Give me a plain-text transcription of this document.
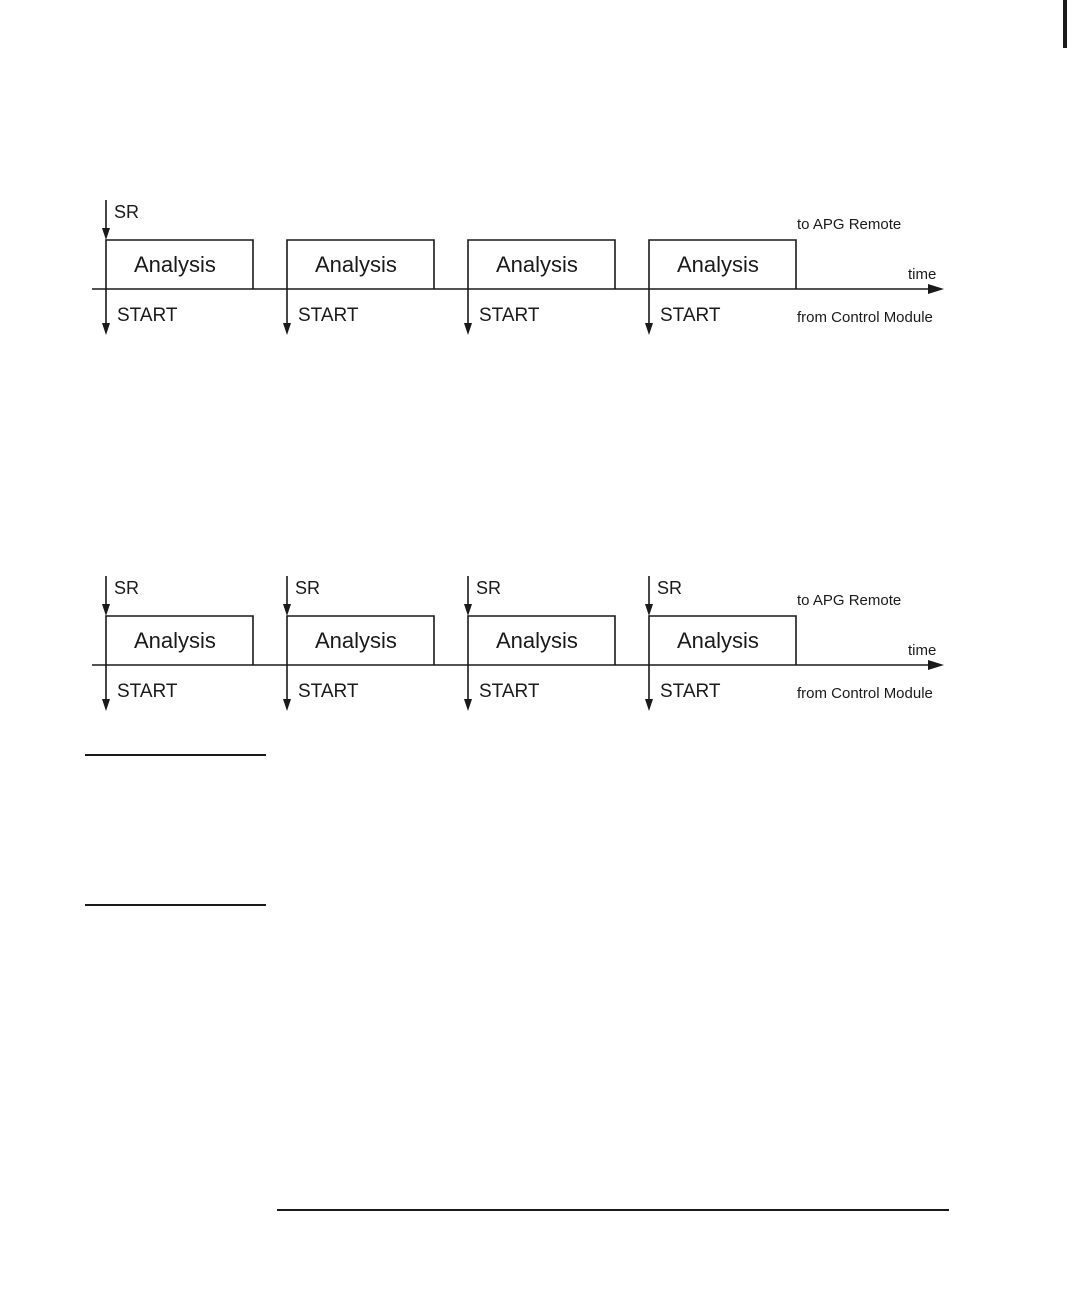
Analysis
SR
START
Analysis
START
Analysis
START
Analysis
START
to APG Remote
time
from Control Module
Analysis
SR
START
Analysis
SR
START
Analysis
SR
START
Analysis
SR
START
to APG Remote
time
from Control Module
